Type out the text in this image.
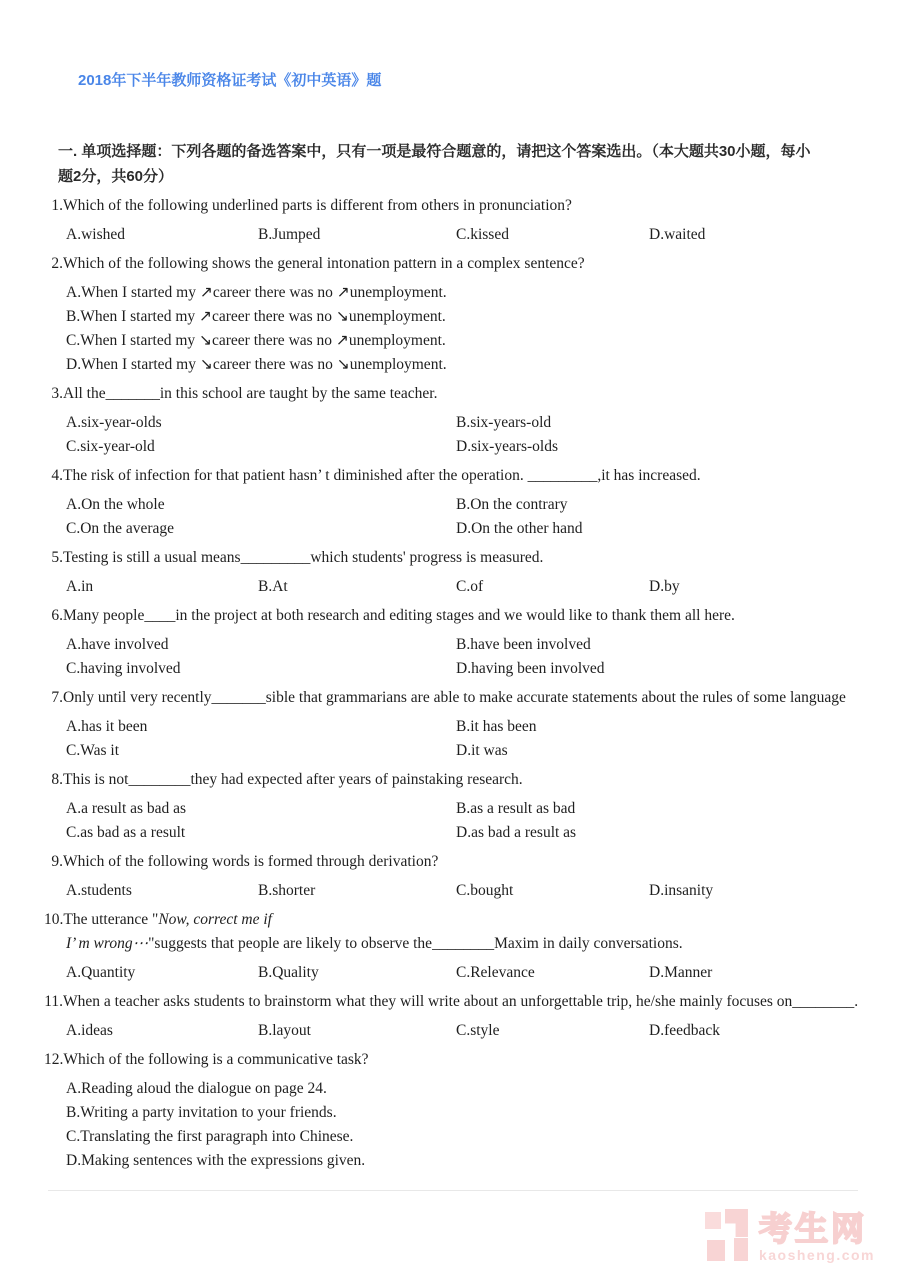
2018年下半年教师资格证考试《初中英语》题
一. 单项选择题：下列各题的备选答案中，只有一项是最符合题意的，请把这个答案选出。（本大题共30小题，每小题2分，共60分）
1.Which of the following underlined parts is different from others in pronunciation?
A.wished	B.Jumped	C.kissed	D.waited
2.Which of the following shows the general intonation pattern in a complex sentence?
A.When I started my ↗career there was no ↗unemployment.
B.When I started my ↗career there was no ↘unemployment.
C.When I started my ↘career there was no ↗unemployment.
D.When I started my ↘career there was no ↘unemployment.
3.All the_______in this school are taught by the same teacher.
A.six-year-olds	B.six-years-old
C.six-year-old	D.six-years-olds
4.The risk of infection for that patient hasn’ t diminished after the operation. _________,it has increased.
A.On the whole	B.On the contrary
C.On the average	D.On the other hand
5.Testing is still a usual means_________which students' progress is measured.
A.in	B.At	C.of	D.by
6.Many people____in the project at both research and editing stages and we would like to thank them all here.
A.have involved	B.have been involved
C.having involved	D.having been involved
7.Only until very recently_______sible that grammarians are able to make accurate statements about the rules of some language
A.has it been	B.it has been
C.Was it	D.it was
8.This is not________they had expected after years of painstaking research.
A.a result as bad as	B.as a result as bad
C.as bad as a result	D.as bad a result as
9.Which of the following words is formed through derivation?
A.students	B.shorter	C.bought	D.insanity
10.The utterance "Now, correct me if
I’ m wrong⋯"suggests that people are likely to observe the________Maxim in daily conversations.
A.Quantity	B.Quality	C.Relevance	D.Manner
11.When a teacher asks students to brainstorm what they will write about an unforgettable trip, he/she mainly focuses on________.
A.ideas	B.layout	C.style	D.feedback
12.Which of the following is a communicative task?
A.Reading aloud the dialogue on page 24.
B.Writing a party invitation to your friends.
C.Translating the first paragraph into Chinese.
D.Making sentences with the expressions given.
考生网
kaosheng.com
